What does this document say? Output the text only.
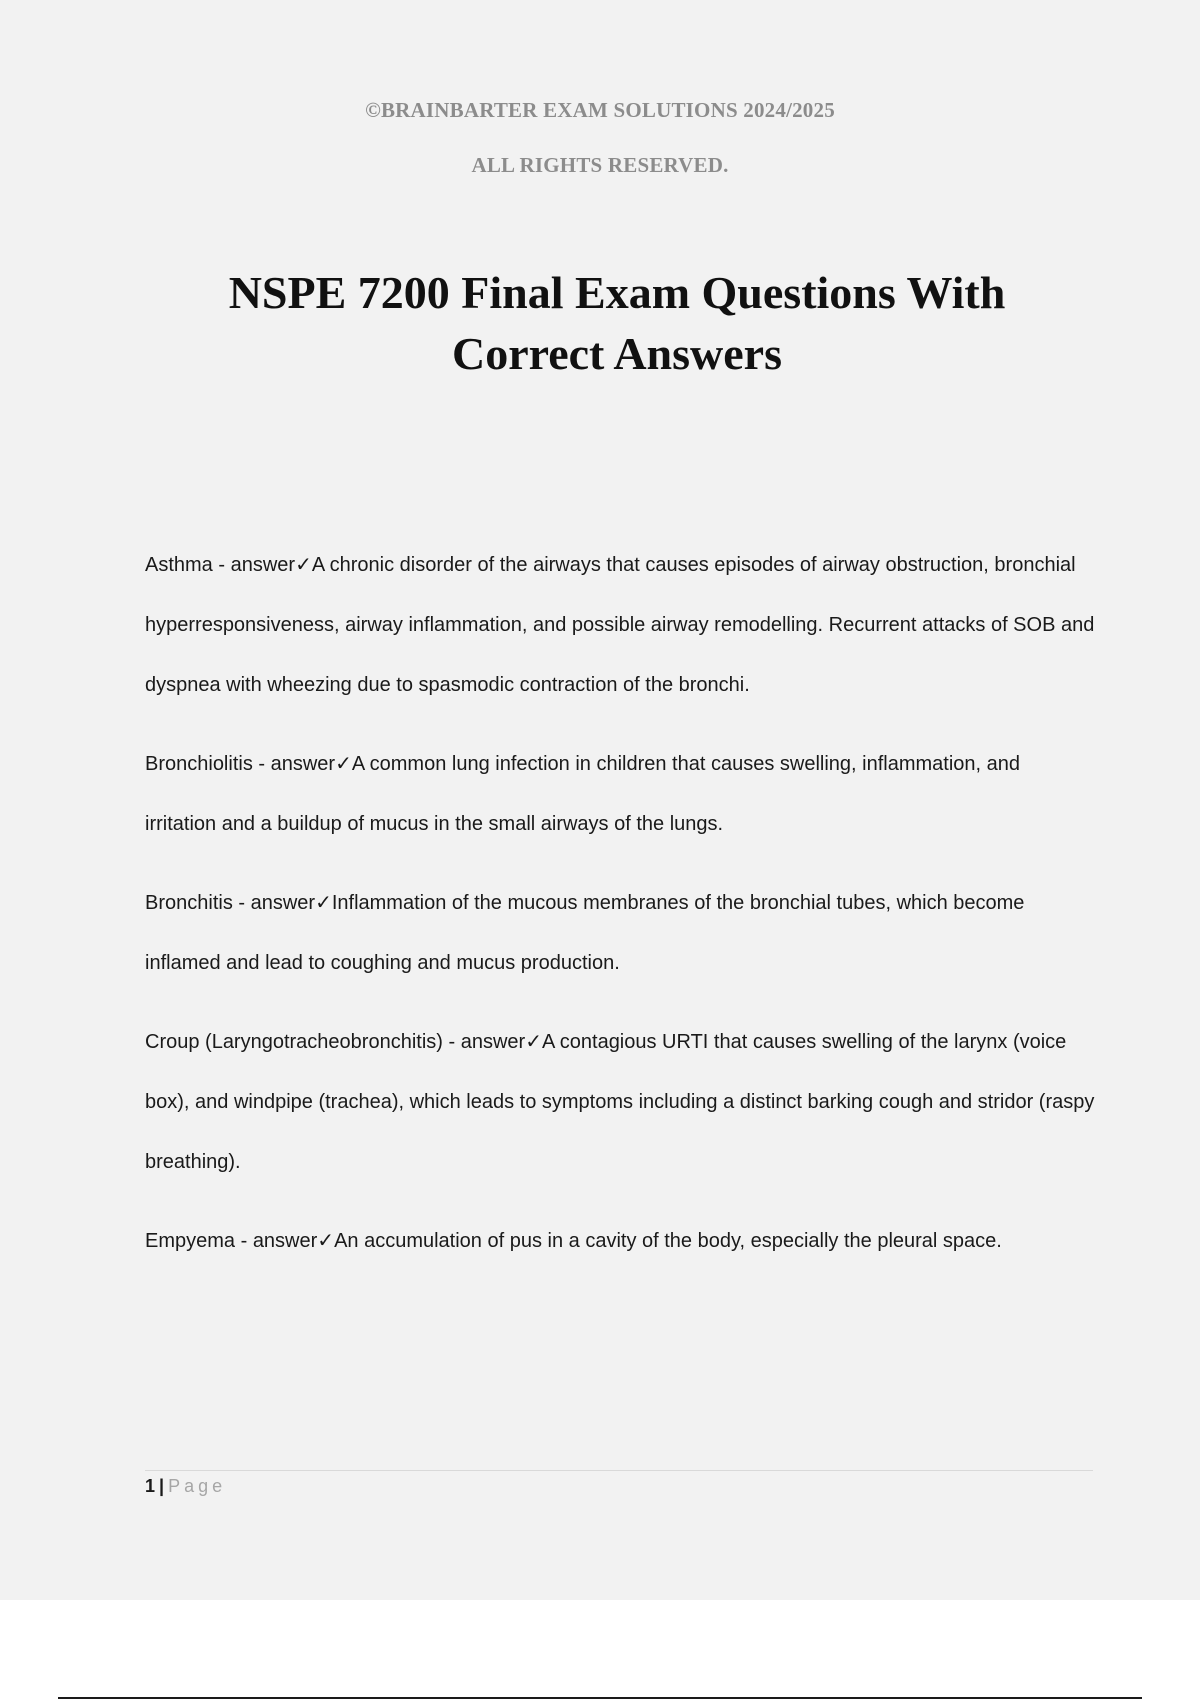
©BRAINBARTER EXAM SOLUTIONS 2024/2025
ALL RIGHTS RESERVED.
NSPE 7200 Final Exam Questions With
Correct Answers

Asthma - answer✓A chronic disorder of the airways that causes episodes of airway obstruction, bronchial hyperresponsiveness, airway inflammation, and possible airway remodelling. Recurrent attacks of SOB and dyspnea with wheezing due to spasmodic contraction of the bronchi.

Bronchiolitis - answer✓A common lung infection in children that causes swelling, inflammation, and irritation and a buildup of mucus in the small airways of the lungs.

Bronchitis - answer✓Inflammation of the mucous membranes of the bronchial tubes, which become inflamed and lead to coughing and mucus production.

Croup (Laryngotracheobronchitis) - answer✓A contagious URTI that causes swelling of the larynx (voice box), and windpipe (trachea), which leads to symptoms including a distinct barking cough and stridor (raspy breathing).

Empyema - answer✓An accumulation of pus in a cavity of the body, especially the pleural space.

1 | Page
